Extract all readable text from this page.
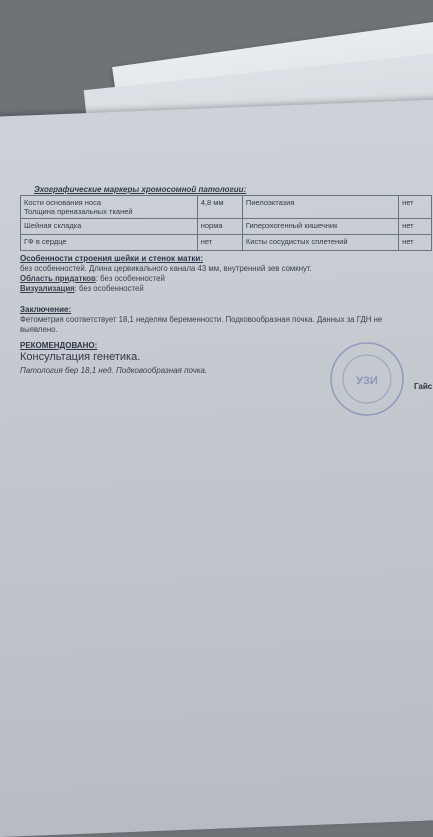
Эхографические маркеры хромосомной патологии:
Кости основания носа
Толщина преназальных тканей	4,8 мм	Пиелоэктазия	нет
Шейная складка	норма	Гиперэхогенный кишечник	нет
ГФ в сердце	нет	Кисты сосудистых сплетений	нет
Особенности строения шейки и стенок матки:
без особенностей. Длина цервикального канала 43 мм, внутренний зев сомкнут.
Область придатков: без особенностей
Визуализация: без особенностей
Заключение:
Фетометрия соответствует 18,1 неделям беременности. Подковообразная почка. Данных за ГДН не
выявлено.
РЕКОМЕНДОВАНО:
Консультация генетика.
Патология бер 18,1 нед. Подковообразная почка.
УЗИ	Гайс
